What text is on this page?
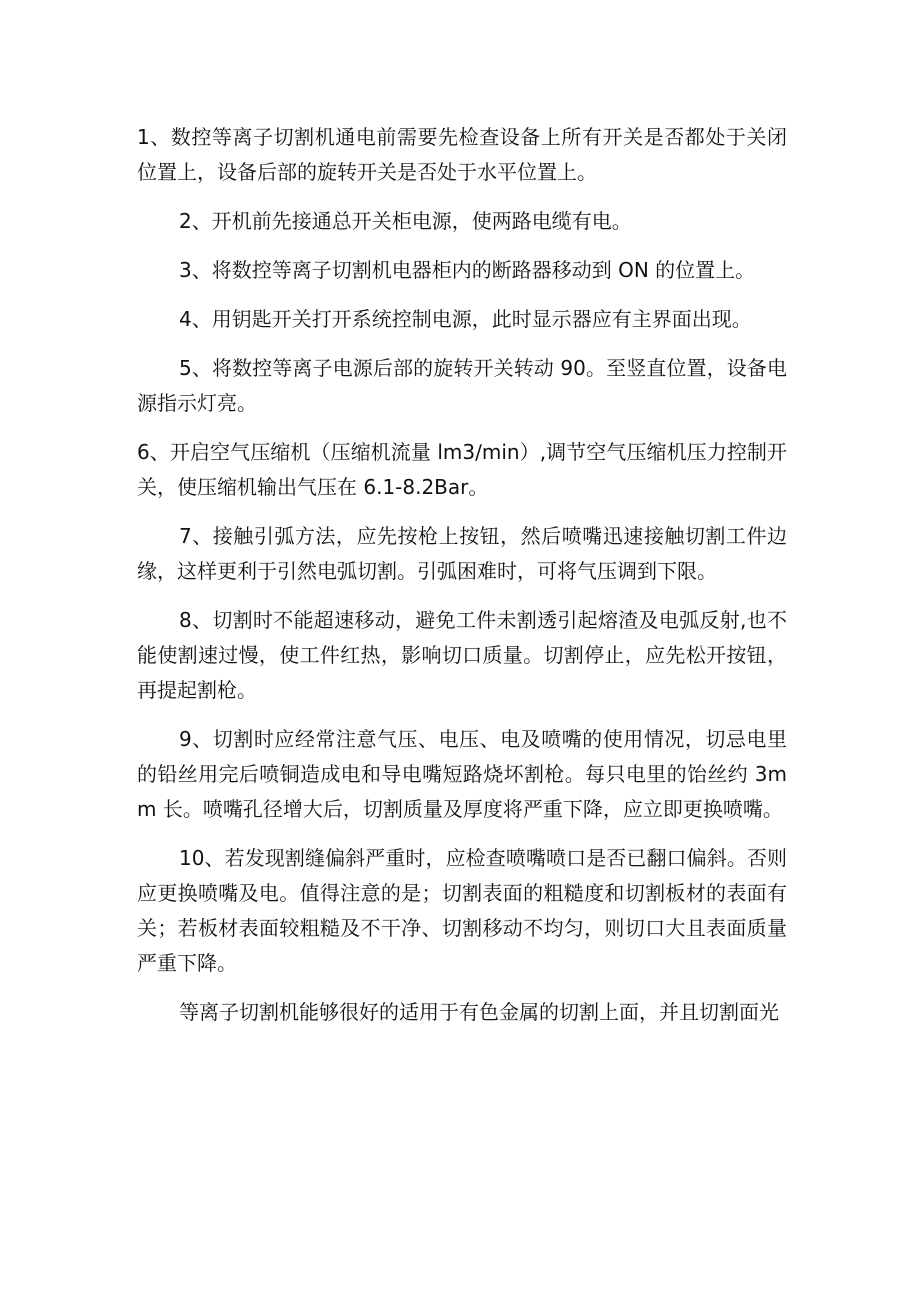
1、数控等离子切割机通电前需要先检查设备上所有开关是否都处于关闭位置上，设备后部的旋转开关是否处于水平位置上。

2、开机前先接通总开关柜电源，使两路电缆有电。

3、将数控等离子切割机电器柜内的断路器移动到 ON 的位置上。

4、用钥匙开关打开系统控制电源，此时显示器应有主界面出现。

5、将数控等离子电源后部的旋转开关转动 90。至竖直位置，设备电源指示灯亮。

6、开启空气压缩机（压缩机流量 lm3∕min）,调节空气压缩机压力控制开关，使压缩机输出气压在 6.1-8.2Bar。

7、接触引弧方法，应先按枪上按钮，然后喷嘴迅速接触切割工件边缘，这样更利于引然电弧切割。引弧困难时，可将气压调到下限。

8、切割时不能超速移动，避免工件未割透引起熔渣及电弧反射,也不能使割速过慢，使工件红热，影响切口质量。切割停止，应先松开按钮，再提起割枪。

9、切割时应经常注意气压、电压、电及喷嘴的使用情况，切忌电里的铅丝用完后喷铜造成电和导电嘴短路烧坏割枪。每只电里的饴丝约 3mm 长。喷嘴孔径增大后，切割质量及厚度将严重下降，应立即更换喷嘴。

10、若发现割缝偏斜严重时，应检查喷嘴喷口是否已翻口偏斜。否则应更换喷嘴及电。值得注意的是；切割表面的粗糙度和切割板材的表面有关；若板材表面较粗糙及不干净、切割移动不均匀，则切口大且表面质量严重下降。

等离子切割机能够很好的适用于有色金属的切割上面，并且切割面光
